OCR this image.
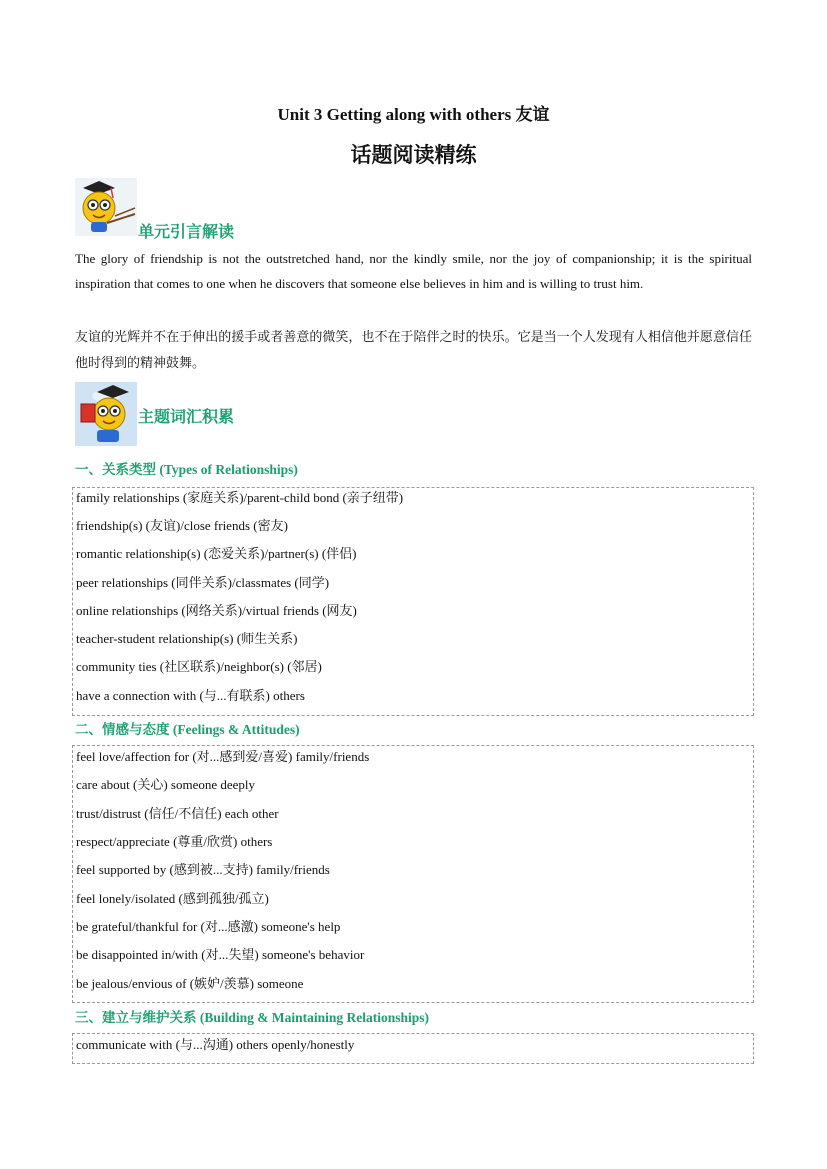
Unit 3 Getting along with others 友谊
话题阅读精练
单元引言解读
The glory of friendship is not the outstretched hand, nor the kindly smile, nor the joy of companionship; it is the spiritual inspiration that comes to one when he discovers that someone else believes in him and is willing to trust him.
友谊的光辉并不在于伸出的援手或者善意的微笑，也不在于陪伴之时的快乐。它是当一个人发现有人相信他并愿意信任他时得到的精神鼓舞。
主题词汇积累
一、关系类型 (Types of Relationships)
family relationships (家庭关系)/parent-child bond (亲子纽带)
friendship(s) (友谊)/close friends (密友)
romantic relationship(s) (恋爱关系)/partner(s) (伴侣)
peer relationships (同伴关系)/classmates (同学)
online relationships (网络关系)/virtual friends (网友)
teacher-student relationship(s) (师生关系)
community ties (社区联系)/neighbor(s) (邻居)
have a connection with (与...有联系) others
二、情感与态度 (Feelings & Attitudes)
feel love/affection for (对...感到爱/喜爱) family/friends
care about (关心) someone deeply
trust/distrust (信任/不信任) each other
respect/appreciate (尊重/欣赏) others
feel supported by (感到被...支持) family/friends
feel lonely/isolated (感到孤独/孤立)
be grateful/thankful for (对...感激) someone's help
be disappointed in/with (对...失望) someone's behavior
be jealous/envious of (嫉妒/羡慕) someone
三、建立与维护关系 (Building & Maintaining Relationships)
communicate with (与...沟通) others openly/honestly
